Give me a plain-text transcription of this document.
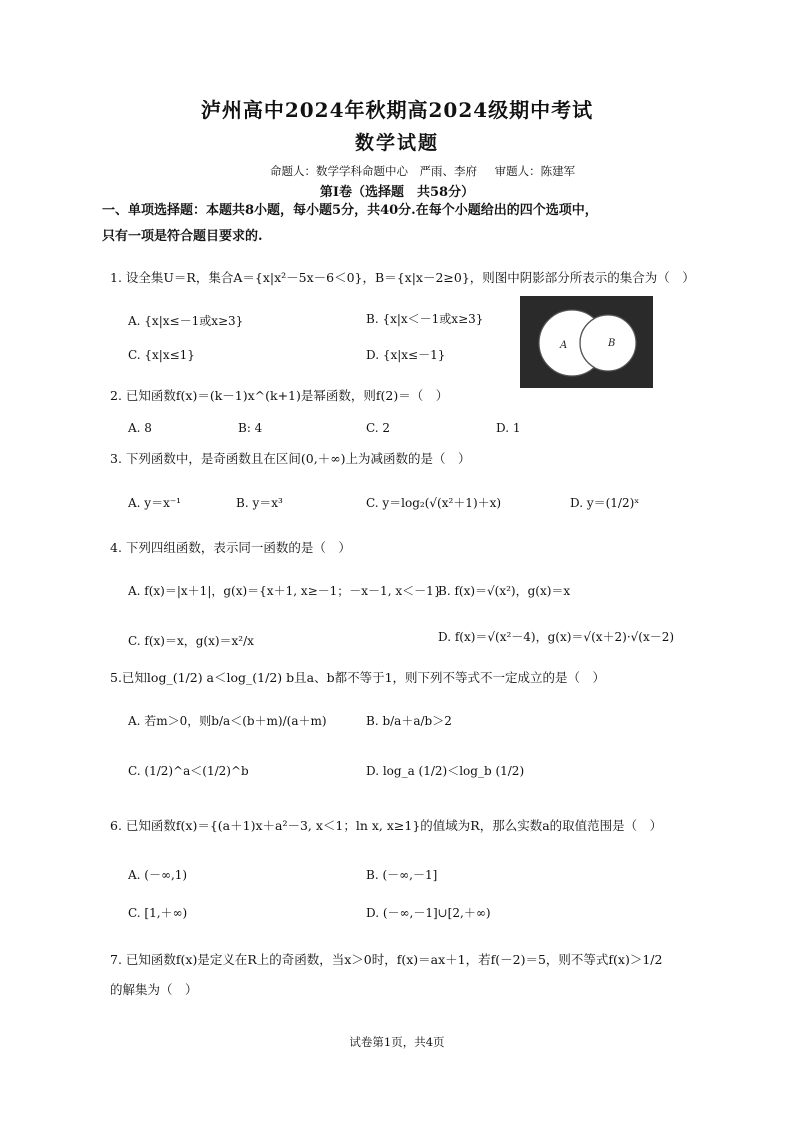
泸州高中2024年秋期高2024级期中考试
数学试题
命题人：数学学科命题中心　严雨、李府 审题人：陈建军
第Ⅰ卷（选择题　共58分）
一、单项选择题：本题共8小题，每小题5分，共40分.在每个小题给出的四个选项中，
只有一项是符合题目要求的.
1. 设全集U＝R，集合A＝{x|x²－5x－6＜0}，B＝{x|x－2≥0}，则图中阴影部分所表示的集合为（　）
A. {x|x≤－1或x≥3}	B. {x|x＜－1或x≥3}
C. {x|x≤1}	D. {x|x≤－1}
A	B
2. 已知函数f(x)＝(k－1)x^(k+1)是幂函数，则f(2)＝（　）
A. 8	B: 4	C. 2	D. 1
3. 下列函数中，是奇函数且在区间(0,＋∞)上为减函数的是（　）
A. y＝x⁻¹	B. y＝x³	C. y＝log₂(√(x²＋1)＋x)	D. y＝(1/2)ˣ
4. 下列四组函数，表示同一函数的是（　）
A. f(x)＝|x＋1|，g(x)＝{x＋1, x≥－1；－x－1, x＜－1}
B. f(x)＝√(x²)，g(x)＝x
C. f(x)＝x，g(x)＝x²/x	D. f(x)＝√(x²－4)，g(x)＝√(x＋2)·√(x－2)
5.已知log_(1/2) a＜log_(1/2) b且a、b都不等于1，则下列不等式不一定成立的是（　）
A. 若m＞0，则b/a＜(b＋m)/(a＋m)	B. b/a＋a/b＞2
C. (1/2)^a＜(1/2)^b	D. log_a (1/2)＜log_b (1/2)
6. 已知函数f(x)＝{(a＋1)x＋a²－3, x＜1；ln x, x≥1}的值域为R，那么实数a的取值范围是（　）
A. (－∞,1)	B. (－∞,－1]
C. [1,＋∞)	D. (－∞,－1]∪[2,＋∞)
7. 已知函数f(x)是定义在R上的奇函数，当x＞0时，f(x)＝ax＋1，若f(－2)＝5，则不等式f(x)＞1/2
的解集为（　）
试卷第1页，共4页
